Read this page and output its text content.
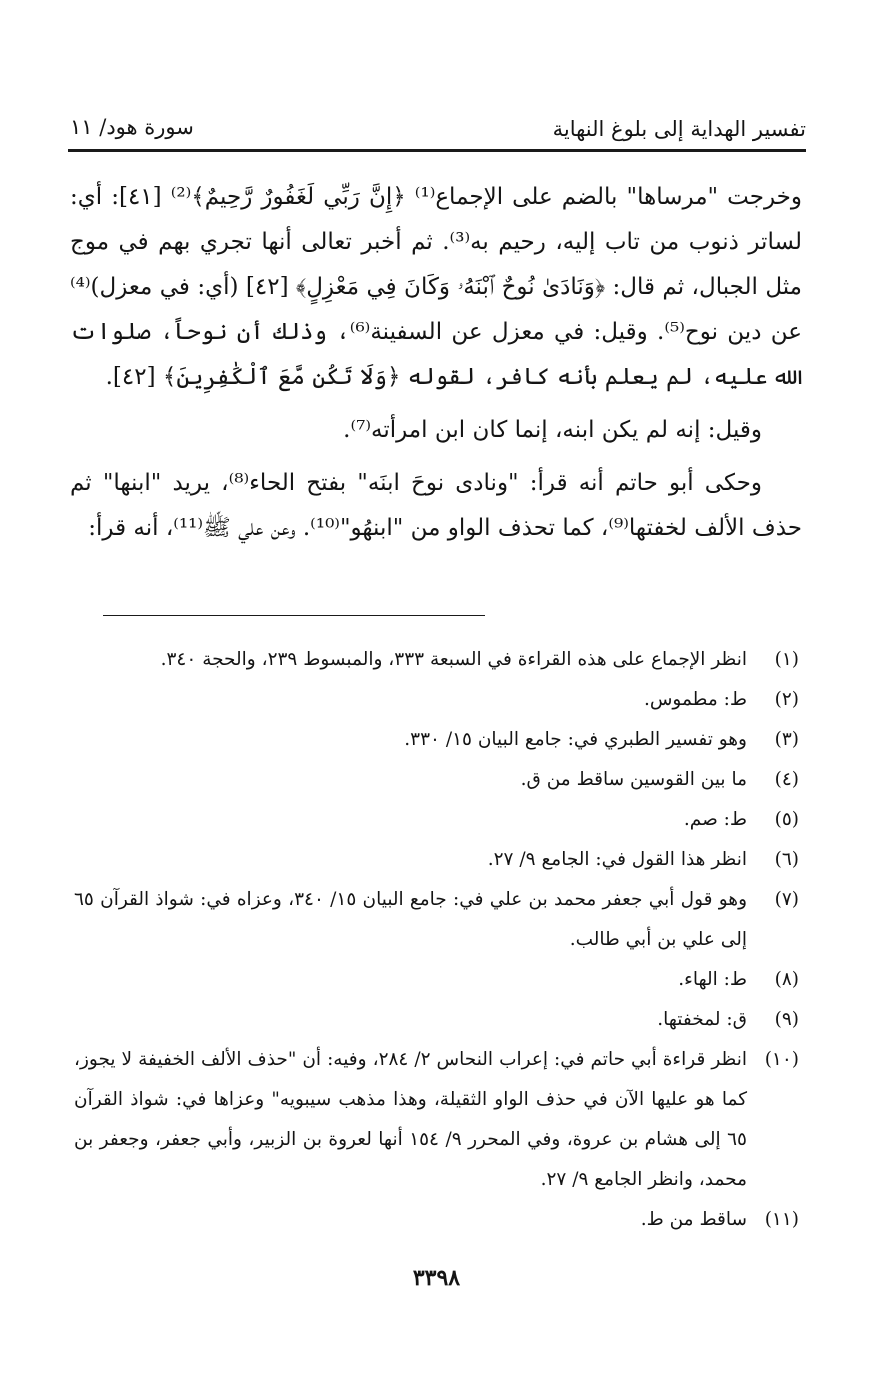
تفسير الهداية إلى بلوغ النهاية
سورة هود/ ١١

وخرجت "مرساها" بالضم على الإجماع⁽¹⁾ ﴿إِنَّ رَبِّي لَغَفُورٌ رَّحِيمٌ﴾⁽²⁾ [٤١]: أي: لساتر ذنوب من تاب إليه، رحيم به⁽³⁾. ثم أخبر تعالى أنها تجري بهم في موج مثل الجبال، ثم قال: ﴿وَنَادَىٰ نُوحٌ ٱبْنَهُۥ وَكَانَ فِي مَعْزِلٍ﴾ [٤٢] (أي: في معزل)⁽⁴⁾ عن دين نوح⁽⁵⁾. وقيل: في معزل عن السفينة⁽⁶⁾، وذلك أن نوحاً، صلوات الله عليه، لم يعلم بأنه كافر، لقوله ﴿وَلَا تَكُن مَّعَ ٱلْكَٰفِرِينَ﴾ [٤٢].

وقيل: إنه لم يكن ابنه، إنما كان ابن امرأته⁽⁷⁾.

وحكى أبو حاتم أنه قرأ: "ونادى نوحَ ابنَه" بفتح الحاء⁽⁸⁾، يريد "ابنها" ثم حذف الألف لخفتها⁽⁹⁾، كما تحذف الواو من "ابنهُو"⁽¹⁰⁾. وعن علي ﷺ⁽¹¹⁾، أنه قرأ:

(١)
انظر الإجماع على هذه القراءة في السبعة ٣٣٣، والمبسوط ٢٣٩، والحجة ٣٤٠.
(٢)
ط: مطموس.
(٣)
وهو تفسير الطبري في: جامع البيان ١٥/ ٣٣٠.
(٤)
ما بين القوسين ساقط من ق.
(٥)
ط: صم.
(٦)
انظر هذا القول في: الجامع ٩/ ٢٧.
(٧)
وهو قول أبي جعفر محمد بن علي في: جامع البيان ١٥/ ٣٤٠، وعزاه في: شواذ القرآن ٦٥ إلى علي بن أبي طالب.
(٨)
ط: الهاء.
(٩)
ق: لمخفتها.
(١٠)
انظر قراءة أبي حاتم في: إعراب النحاس ٢/ ٢٨٤، وفيه: أن "حذف الألف الخفيفة لا يجوز، كما هو عليها الآن في حذف الواو الثقيلة، وهذا مذهب سيبويه" وعزاها في: شواذ القرآن ٦٥ إلى هشام بن عروة، وفي المحرر ٩/ ١٥٤ أنها لعروة بن الزبير، وأبي جعفر، وجعفر بن محمد، وانظر الجامع ٩/ ٢٧.
(١١)
ساقط من ط.
٣٣٩٨
